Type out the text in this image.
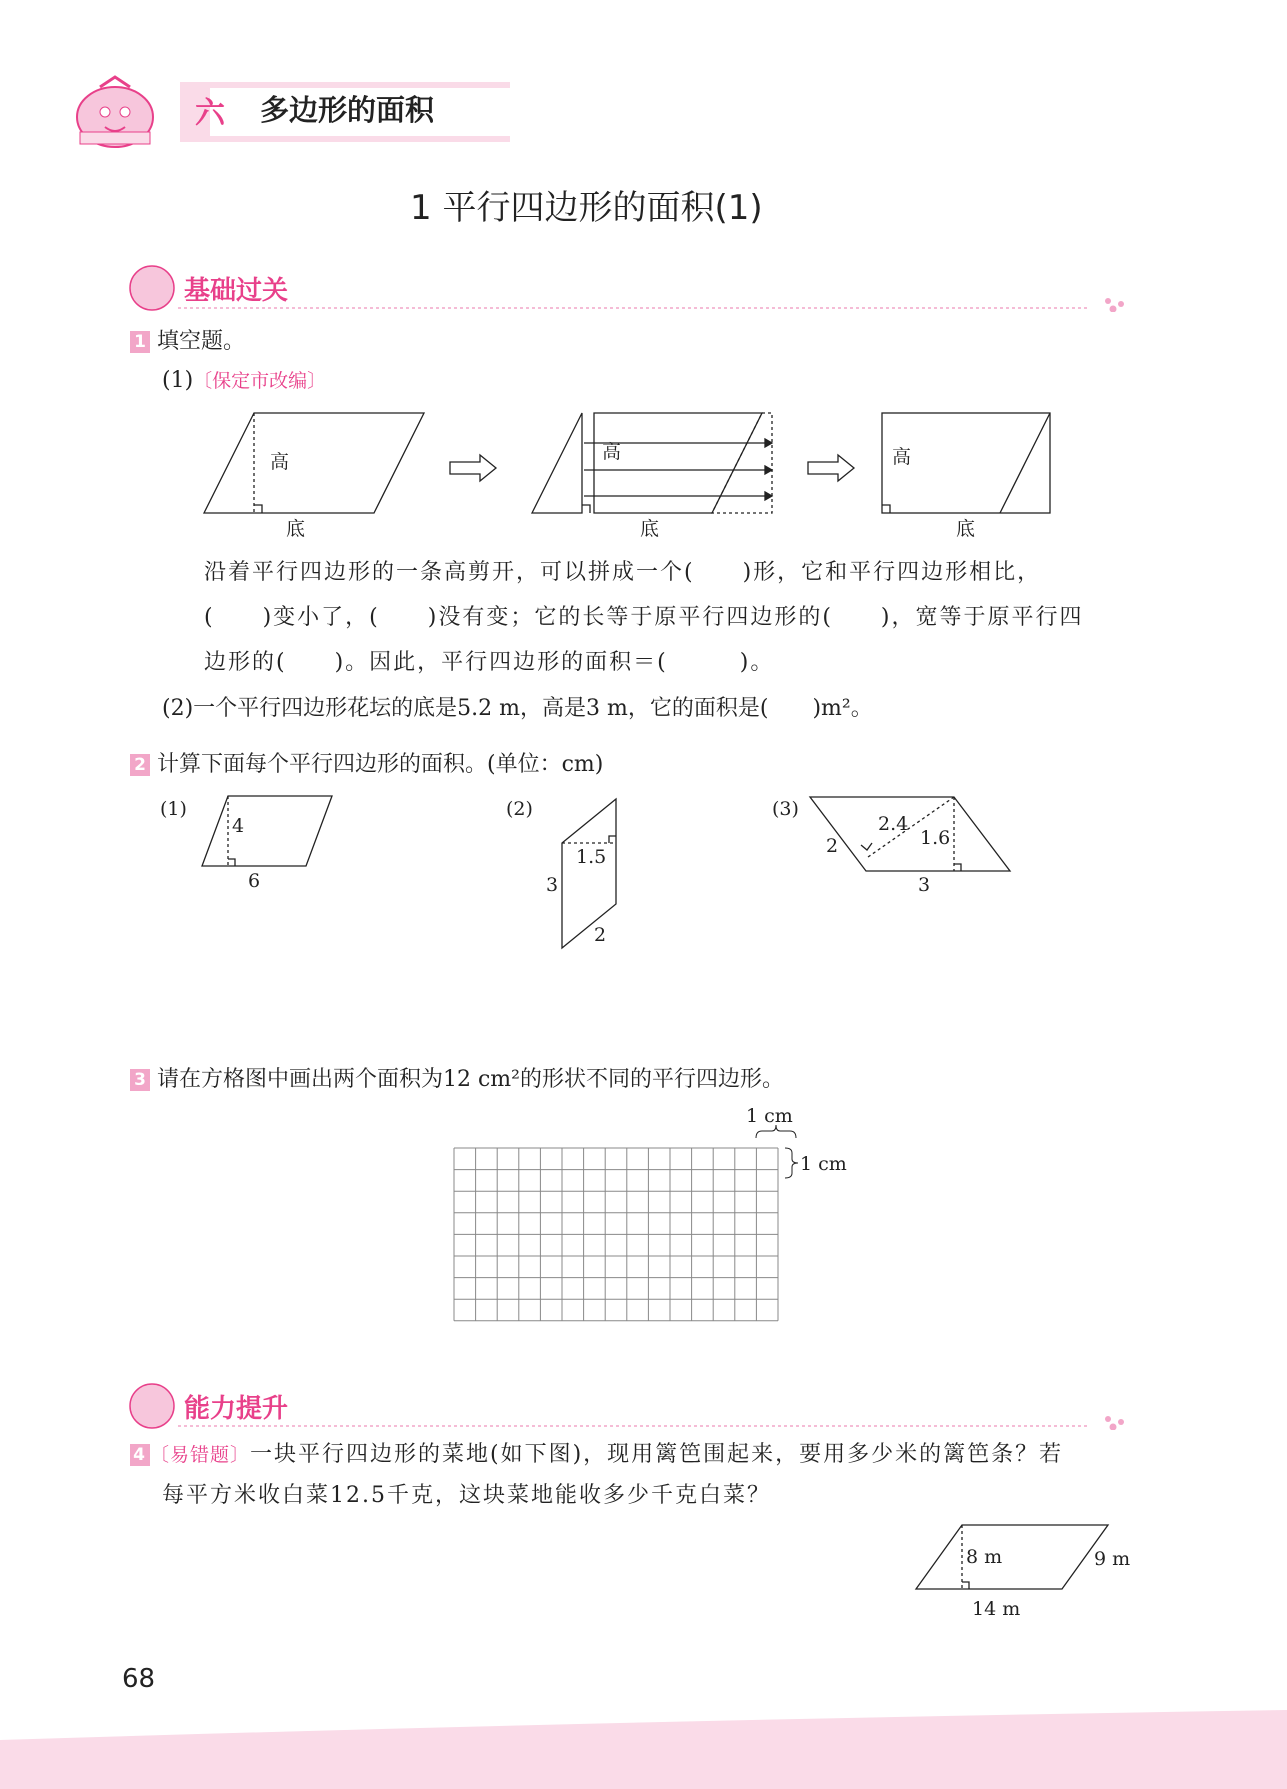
六 多边形的面积
1 平行四边形的面积(1)
基础过关
1 填空题。
(1)〔保定市改编〕
高
底
高
底
高
底
沿着平行四边形的一条高剪开，可以拼成一个(　　)形，它和平行四边形相比，
(　　)变小了，(　　)没有变；它的长等于原平行四边形的(　　)，宽等于原平行四
边形的(　　)。因此，平行四边形的面积＝(　　　)。
(2)一个平行四边形花坛的底是5.2 m，高是3 m，它的面积是(　　)m²。
2 计算下面每个平行四边形的面积。(单位：cm)
(1)
4
6
(2)
1.5
3
2
(3)
2.4
1.6
2
3
3 请在方格图中画出两个面积为12 cm²的形状不同的平行四边形。
1 cm
1 cm
能力提升
4 〔易错题〕一块平行四边形的菜地(如下图)，现用篱笆围起来，要用多少米的篱笆条？若
每平方米收白菜12.5千克，这块菜地能收多少千克白菜？
8 m	9 m
14 m
68
